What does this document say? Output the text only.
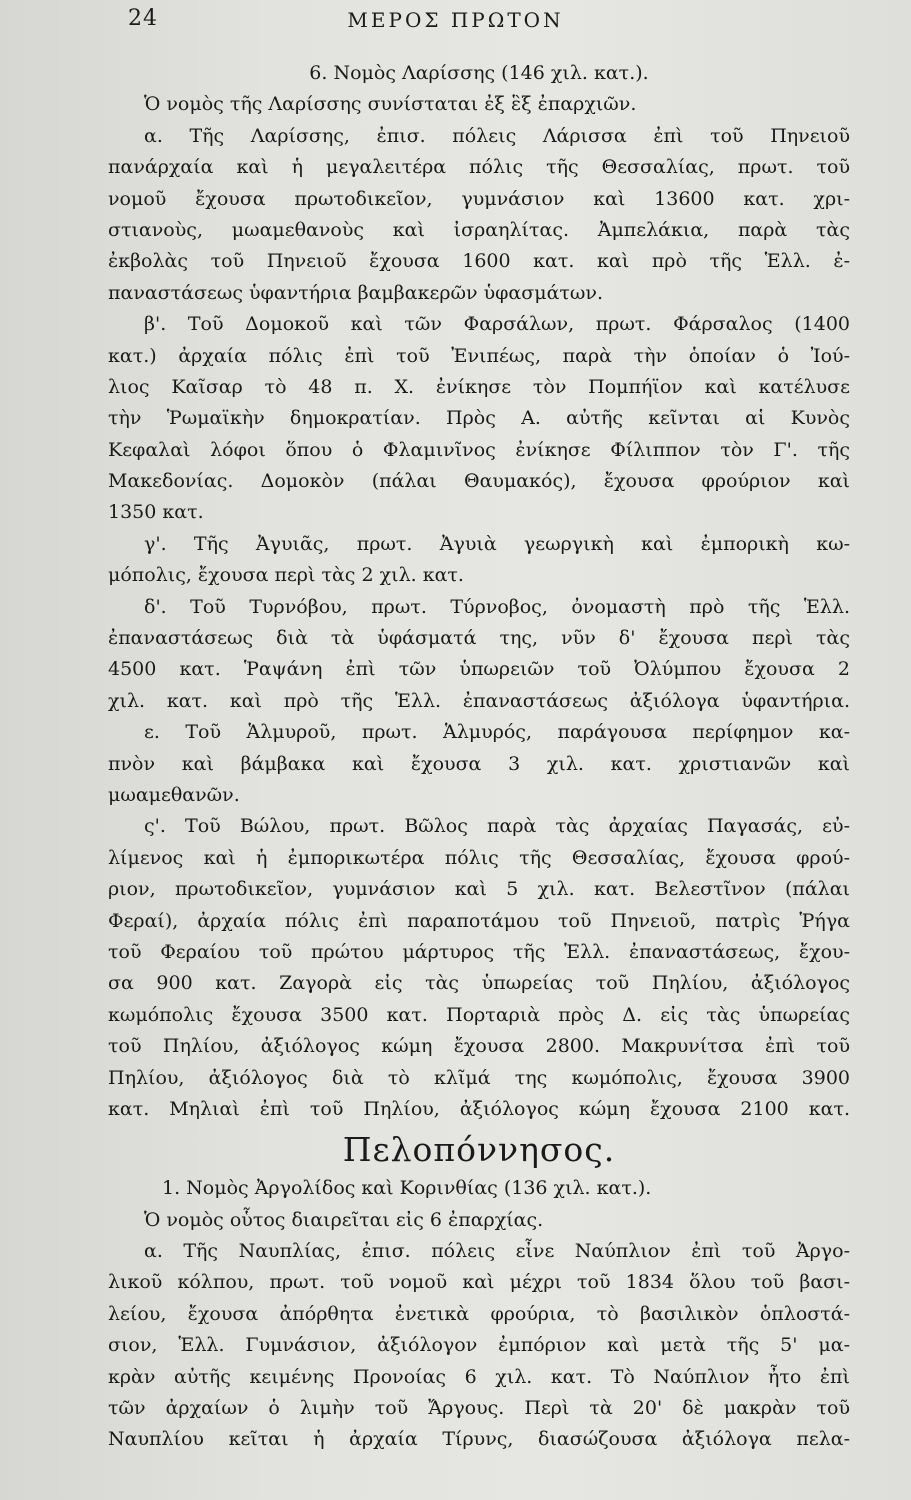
24	ΜΕΡΟΣ ΠΡΩΤΟΝ
6. Νομὸς Λαρίσσης (146 χιλ. κατ.).
Ὁ νομὸς τῆς Λαρίσσης συνίσταται ἐξ ἓξ ἐπαρχιῶν.
α. Τῆς Λαρίσσης, ἐπισ. πόλεις Λάρισσα ἐπὶ τοῦ Πηνειοῦ
πανάρχαία καὶ ἡ μεγαλειτέρα πόλις τῆς Θεσσαλίας, πρωτ. τοῦ
νομοῦ ἔχουσα πρωτοδικεῖον, γυμνάσιον καὶ 13600 κατ. χρι-
στιανοὺς, μωαμεθανοὺς καὶ ἰσραηλίτας. Ἀμπελάκια, παρὰ τὰς
ἐκβολὰς τοῦ Πηνειοῦ ἔχουσα 1600 κατ. καὶ πρὸ τῆς Ἑλλ. ἐ-
παναστάσεως ὑφαντήρια βαμβακερῶν ὑφασμάτων.
β'. Τοῦ Δομοκοῦ καὶ τῶν Φαρσάλων, πρωτ. Φάρσαλος (1400
κατ.) ἀρχαία πόλις ἐπὶ τοῦ Ἐνιπέως, παρὰ τὴν ὁποίαν ὁ Ἰού-
λιος Καῖσαρ τὸ 48 π. Χ. ἐνίκησε τὸν Πομπήϊον καὶ κατέλυσε
τὴν Ῥωμαϊκὴν δημοκρατίαν. Πρὸς Α. αὐτῆς κεῖνται αἱ Κυνὸς
Κεφαλαὶ λόφοι ὅπου ὁ Φλαμινῖνος ἐνίκησε Φίλιππον τὸν Γ'. τῆς
Μακεδονίας. Δομοκὸν (πάλαι Θαυμακός), ἔχουσα φρούριον καὶ
1350 κατ.
γ'. Τῆς Ἀγυιᾶς, πρωτ. Ἀγυιὰ γεωργικὴ καὶ ἐμπορικὴ κω-
μόπολις, ἔχουσα περὶ τὰς 2 χιλ. κατ.
δ'. Τοῦ Τυρνόβου, πρωτ. Τύρνοβος, ὀνομαστὴ πρὸ τῆς Ἑλλ.
ἐπαναστάσεως διὰ τὰ ὑφάσματά της, νῦν δ' ἔχουσα περὶ τὰς
4500 κατ. Ῥαψάνη ἐπὶ τῶν ὑπωρειῶν τοῦ Ὀλύμπου ἔχουσα 2
χιλ. κατ. καὶ πρὸ τῆς Ἑλλ. ἐπαναστάσεως ἀξιόλογα ὑφαντήρια.
ε. Τοῦ Ἁλμυροῦ, πρωτ. Ἁλμυρός, παράγουσα περίφημον κα-
πνὸν καὶ βάμβακα καὶ ἔχουσα 3 χιλ. κατ. χριστιανῶν καὶ
μωαμεθανῶν.
ς'. Τοῦ Βώλου, πρωτ. Βῶλος παρὰ τὰς ἀρχαίας Παγασάς, εὐ-
λίμενος καὶ ἡ ἐμπορικωτέρα πόλις τῆς Θεσσαλίας, ἔχουσα φρού-
ριον, πρωτοδικεῖον, γυμνάσιον καὶ 5 χιλ. κατ. Βελεστῖνον (πάλαι
Φεραί), ἀρχαία πόλις ἐπὶ παραποτάμου τοῦ Πηνειοῦ, πατρὶς Ῥήγα
τοῦ Φεραίου τοῦ πρώτου μάρτυρος τῆς Ἑλλ. ἐπαναστάσεως, ἔχου-
σα 900 κατ. Ζαγορὰ εἰς τὰς ὑπωρείας τοῦ Πηλίου, ἀξιόλογος
κωμόπολις ἔχουσα 3500 κατ. Πορταριὰ πρὸς Δ. εἰς τὰς ὑπωρείας
τοῦ Πηλίου, ἀξιόλογος κώμη ἔχουσα 2800. Μακρυνίτσα ἐπὶ τοῦ
Πηλίου, ἀξιόλογος διὰ τὸ κλῖμά της κωμόπολις, ἔχουσα 3900
κατ. Μηλιαὶ ἐπὶ τοῦ Πηλίου, ἀξιόλογος κώμη ἔχουσα 2100 κατ.
Πελοπόννησος.
1. Νομὸς Ἀργολίδος καὶ Κορινθίας (136 χιλ. κατ.).
Ὁ νομὸς οὗτος διαιρεῖται εἰς 6 ἐπαρχίας.
α. Τῆς Ναυπλίας, ἐπισ. πόλεις εἶνε Ναύπλιον ἐπὶ τοῦ Ἀργο-
λικοῦ κόλπου, πρωτ. τοῦ νομοῦ καὶ μέχρι τοῦ 1834 ὅλου τοῦ βασι-
λείου, ἔχουσα ἀπόρθητα ἐνετικὰ φρούρια, τὸ βασιλικὸν ὁπλοστά-
σιον, Ἑλλ. Γυμνάσιον, ἀξιόλογον ἐμπόριον καὶ μετὰ τῆς 5' μα-
κρὰν αὐτῆς κειμένης Προνοίας 6 χιλ. κατ. Τὸ Ναύπλιον ἦτο ἐπὶ
τῶν ἀρχαίων ὁ λιμὴν τοῦ Ἄργους. Περὶ τὰ 20' δὲ μακρὰν τοῦ
Ναυπλίου κεῖται ἡ ἀρχαία Τίρυνς, διασώζουσα ἀξιόλογα πελα-
